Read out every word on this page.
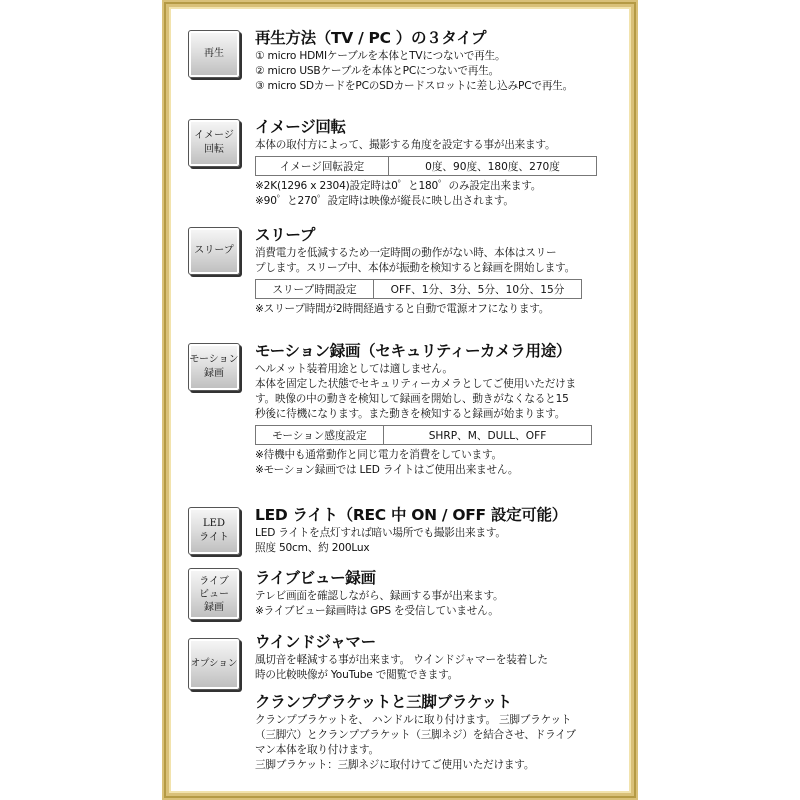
再生
再生方法（TV / PC ）の３タイプ
① micro HDMIケーブルを本体とTVにつないで再生。
② micro USBケーブルを本体とPCにつないで再生。
③ micro SDカードをPCのSDカードスロットに差し込みPCで再生。
イメージ
回転
イメージ回転
本体の取付方によって、撮影する角度を設定する事が出来ます。
イメージ回転設定	0度、90度、180度、270度
※2K(1296 x 2304)設定時は0゜と180゜のみ設定出来ます。
※90゜と270゜設定時は映像が縦長に映し出されます。
スリープ
スリープ
消費電力を低減するため一定時間の動作がない時、本体はスリー
プします。スリープ中、本体が振動を検知すると録画を開始します。
スリープ時間設定	OFF、1分、3分、5分、10分、15分
※スリープ時間が2時間経過すると自動で電源オフになります。
モーション
録画
モーション録画（セキュリティーカメラ用途）
ヘルメット装着用途としては適しません。
本体を固定した状態でセキュリティーカメラとしてご使用いただけま
す。映像の中の動きを検知して録画を開始し、動きがなくなると15
秒後に待機になります。また動きを検知すると録画が始まります。
モーション感度設定	SHRP、M、DULL、OFF
※待機中も通常動作と同じ電力を消費をしています。
※モーション録画では LED ライトはご使用出来ません。
LED
ライト
LED ライト（REC 中 ON / OFF 設定可能）
LED ライトを点灯すれば暗い場所でも撮影出来ます。
照度 50cm、約 200Lux
ライブ
ビュー
録画
ライブビュー録画
テレビ画面を確認しながら、録画する事が出来ます。
※ライブビュー録画時は GPS を受信していません。
オプション
ウインドジャマー
風切音を軽減する事が出来ます。 ウインドジャマーを装着した
時の比較映像が YouTube で閲覧できます。
クランプブラケットと三脚ブラケット
クランプブラケットを、 ハンドルに取り付けます。 三脚ブラケット
（三脚穴）とクランプブラケット（三脚ネジ）を結合させ、ドライブ
マン本体を取り付けます。
三脚ブラケット：三脚ネジに取付けてご使用いただけます。
